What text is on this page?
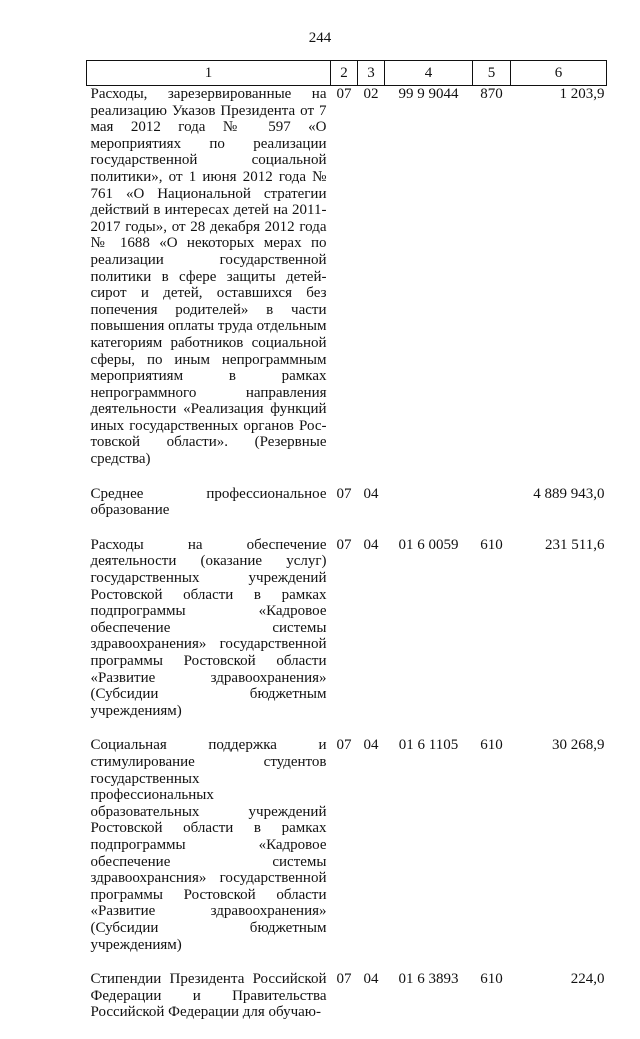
244
1	2	3	4	5	6
Расходы, зарезервированные на реализацию Указов Президента от 7 мая 2012 года № 597 «О мероприятиях по реализации государственной социальной политики», от 1 июня 2012 года № 761 «О Национальной стратегии действий в интересах детей на 2011-2017 годы», от 28 декабря 2012 года № 1688 «О некоторых мерах по реализации государственной политики в сфере защиты детей-сирот и детей, оставшихся без попечения родителей» в части повышения оплаты труда отдельным категориям работников социальной сферы, по иным непрограммным мероприятиям в рамках непрограммного направления деятельности «Реализация функций иных государственных органов Рос-товской области». (Резервные средства)	07	02	99 9 9044	870	1 203,9
Среднее профессиональное образование	07	04			4 889 943,0
Расходы на обеспечение деятельности (оказание услуг) государственных учреждений Ростовской области в рамках подпрограммы «Кадровое обеспечение системы здравоохранения» государственной программы Ростовской области «Развитие здравоохранения» (Субсидии бюджетным учреждениям)	07	04	01 6 0059	610	231 511,6
Социальная поддержка и стимулирование студентов государственных профессиональных образовательных учреждений Ростовской области в рамках подпрограммы «Кадровое обеспечение системы здравоохрансния» государственной программы Ростовской области «Развитие здравоохранения» (Субсидии бюджетным учреждениям)	07	04	01 6 1105	610	30 268,9
Стипендии Президента Российской Федерации и Правительства Российской Федерации для обучаю-	07	04	01 6 3893	610	224,0
